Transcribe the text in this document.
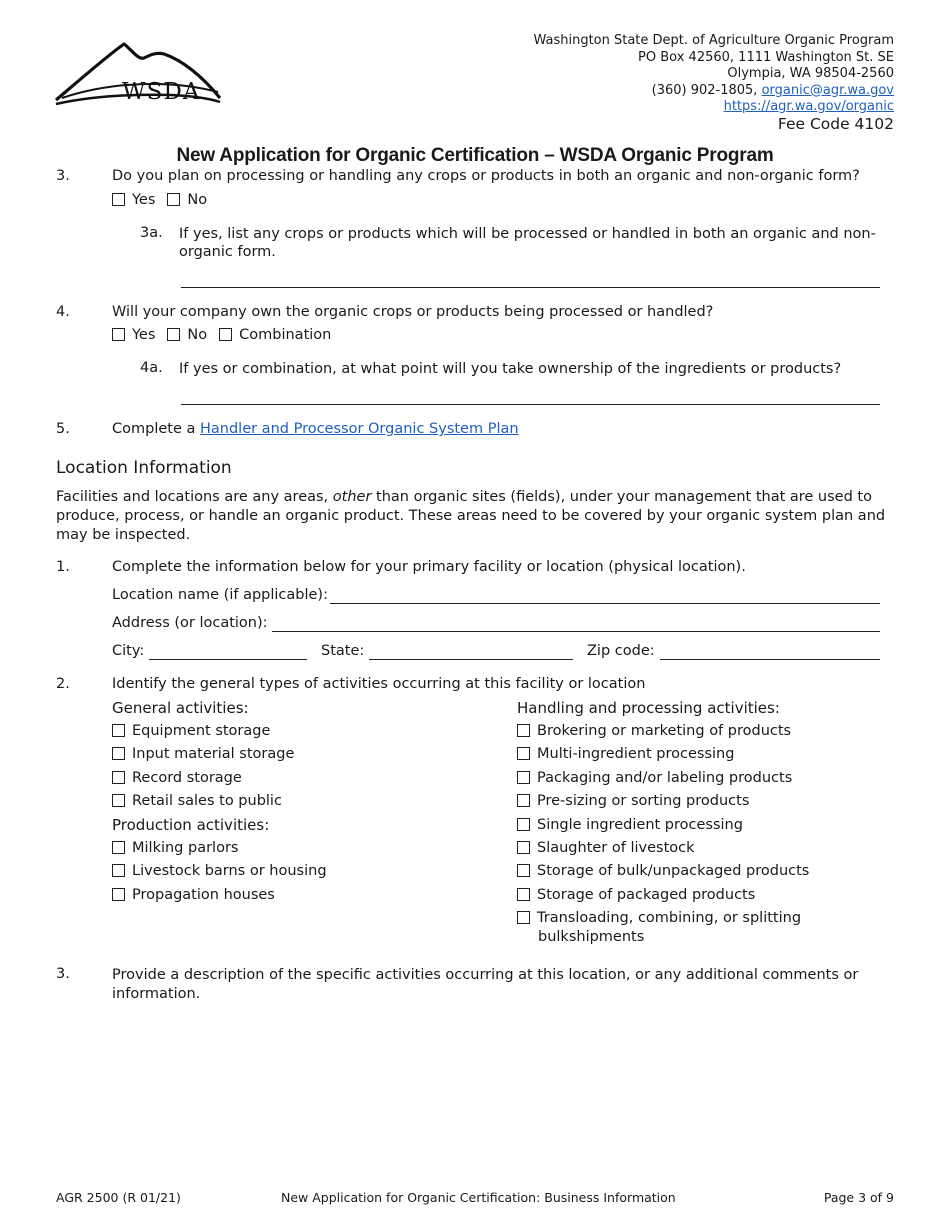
WSDA
Washington State Dept. of Agriculture Organic Program
PO Box 42560, 1111 Washington St. SE
Olympia, WA 98504-2560
(360) 902-1805, organic@agr.wa.gov
https://agr.wa.gov/organic
Fee Code 4102
New Application for Organic Certification – WSDA Organic Program
3.	Do you plan on processing or handling any crops or products in both an organic and non-organic form?
Yes No
3a. If yes, list any crops or products which will be processed or handled in both an organic and non-organic form.
4.	Will your company own the organic crops or products being processed or handled?
Yes No Combination
4a. If yes or combination, at what point will you take ownership of the ingredients or products?
5.	Complete a Handler and Processor Organic System Plan
Location Information
Facilities and locations are any areas, other than organic sites (fields), under your management that are used to produce, process, or handle an organic product. These areas need to be covered by your organic system plan and may be inspected.
1.	Complete the information below for your primary facility or location (physical location).
Location name (if applicable):
Address (or location):
City:	State:	Zip code:
2.	Identify the general types of activities occurring at this facility or location
General activities:
Equipment storage
Input material storage
Record storage
Retail sales to public
Production activities:
Milking parlors
Livestock barns or housing
Propagation houses
Handling and processing activities:
Brokering or marketing of products
Multi-ingredient processing
Packaging and/or labeling products
Pre-sizing or sorting products
Single ingredient processing
Slaughter of livestock
Storage of bulk/unpackaged products
Storage of packaged products
Transloading, combining, or splitting
bulkshipments
3.	Provide a description of the specific activities occurring at this location, or any additional comments or information.
AGR 2500 (R 01/21)	New Application for Organic Certification: Business Information	Page 3 of 9
